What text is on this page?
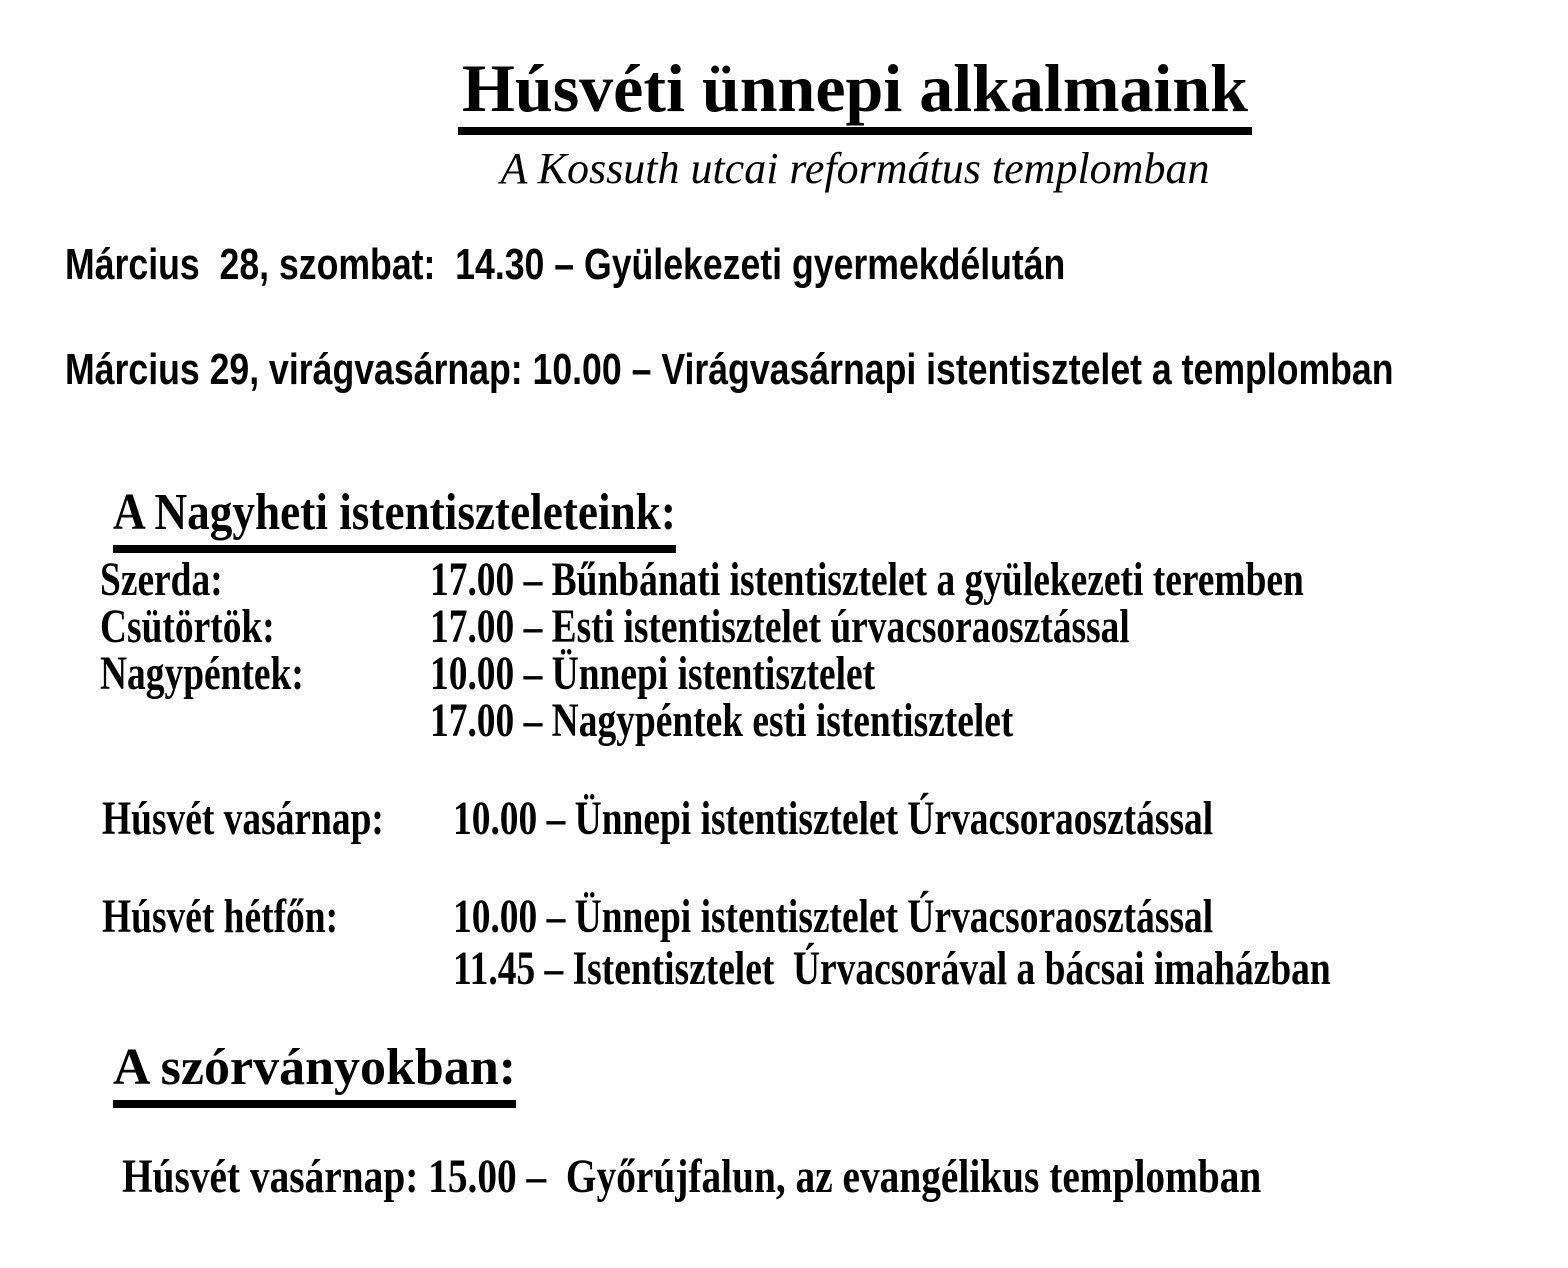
Húsvéti ünnepi alkalmaink
A Kossuth utcai református templomban
Március  28, szombat:  14.30 – Gyülekezeti gyermekdélután
Március 29, virágvasárnap: 10.00 – Virágvasárnapi istentisztelet a templomban
A Nagyheti istentiszteleteink:
Szerda:	17.00 – Bűnbánati istentisztelet a gyülekezeti teremben
Csütörtök:	17.00 – Esti istentisztelet úrvacsoraosztással
Nagypéntek:	10.00 – Ünnepi istentisztelet
17.00 – Nagypéntek esti istentisztelet
Húsvét vasárnap:	10.00 – Ünnepi istentisztelet Úrvacsoraosztással
Húsvét hétfőn:	10.00 – Ünnepi istentisztelet Úrvacsoraosztással
11.45 – Istentisztelet  Úrvacsorával a bácsai imaházban
A szórványokban:
Húsvét vasárnap: 15.00 –  Győrújfalun, az evangélikus templomban
